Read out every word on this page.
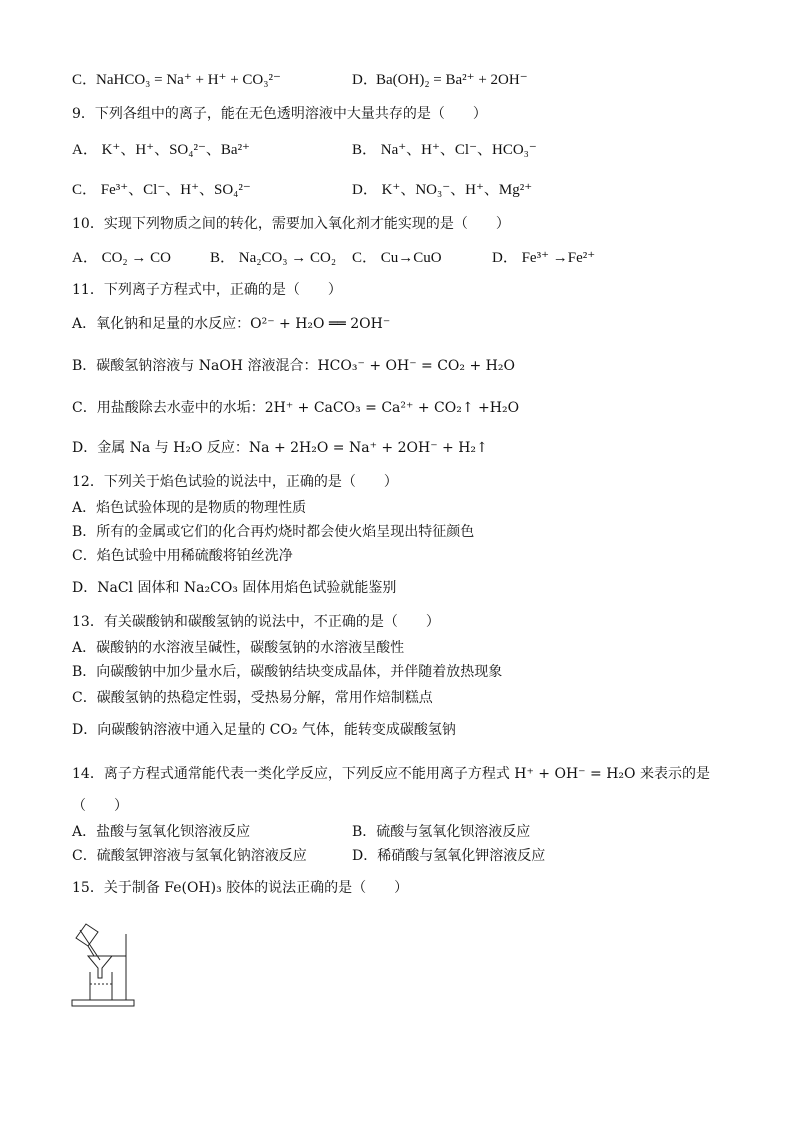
C．
NaHCO₃ = Na⁺ + H⁺ + CO₃²⁻	D．
Ba(OH)₂ = Ba²⁺ + 2OH⁻
9．下列各组中的离子，能在无色透明溶液中大量共存的是（　　）
A． K⁺、H⁺、SO₄²⁻、Ba²⁺	B． Na⁺、H⁺、Cl⁻、HCO₃⁻
C． Fe³⁺、Cl⁻、H⁺、SO₄²⁻	D． K⁺、NO₃⁻、H⁺、Mg²⁺
10．实现下列物质之间的转化，需要加入氧化剂才能实现的是（　　）
A． CO₂ → CO	B． Na₂CO₃ → CO₂ C． Cu→CuO	D． Fe³⁺ →Fe²⁺
11．下列离子方程式中，正确的是（　　）
A．氧化钠和足量的水反应：O²⁻ + H₂O ══ 2OH⁻
B．碳酸氢钠溶液与 NaOH 溶液混合：HCO₃⁻ + OH⁻ = CO₂ + H₂O
C．用盐酸除去水壶中的水垢：2H⁺ + CaCO₃ = Ca²⁺ + CO₂↑ +H₂O
D．金属 Na 与 H₂O 反应：Na + 2H₂O = Na⁺ + 2OH⁻ + H₂↑
12．下列关于焰色试验的说法中，正确的是（　　）
A．焰色试验体现的是物质的物理性质
B．所有的金属或它们的化合再灼烧时都会使火焰呈现出特征颜色
C．焰色试验中用稀硫酸将铂丝洗净
D．NaCl 固体和 Na₂CO₃ 固体用焰色试验就能鉴别
13．有关碳酸钠和碳酸氢钠的说法中，不正确的是（　　）
A．碳酸钠的水溶液呈碱性，碳酸氢钠的水溶液呈酸性
B．向碳酸钠中加少量水后，碳酸钠结块变成晶体，并伴随着放热现象
C．碳酸氢钠的热稳定性弱，受热易分解，常用作焙制糕点
D．向碳酸钠溶液中通入足量的 CO₂ 气体，能转变成碳酸氢钠
14．离子方程式通常能代表一类化学反应，下列反应不能用离子方程式 H⁺ + OH⁻ = H₂O 来表示的是
（　　）
A．盐酸与氢氧化钡溶液反应	B．硫酸与氢氧化钡溶液反应
C．硫酸氢钾溶液与氢氧化钠溶液反应	D．稀硝酸与氢氧化钾溶液反应
15．关于制备 Fe(OH)₃ 胶体的说法正确的是（　　）
